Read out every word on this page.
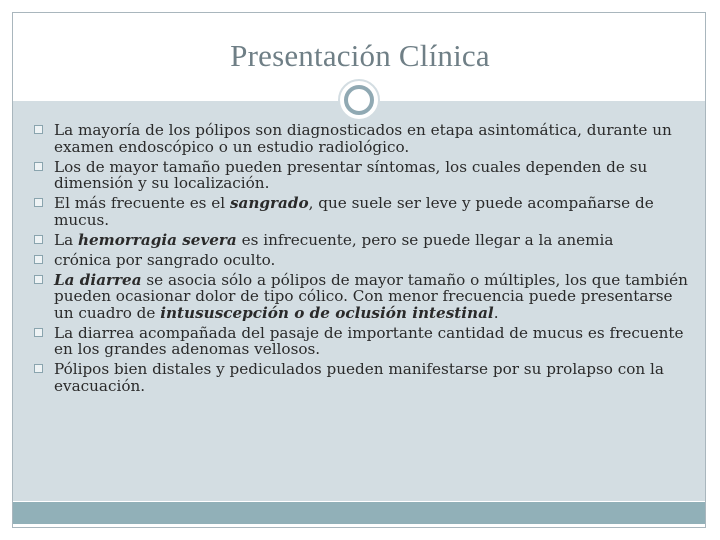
Presentación Clínica
La mayoría de los pólipos son diagnosticados en etapa asintomática, durante un examen endoscópico o un estudio radiológico.
Los de mayor tamaño pueden presentar síntomas, los cuales dependen de su dimensión y su localización.
El más frecuente es el sangrado, que suele ser leve y puede acompañarse de mucus.
La hemorragia severa es infrecuente, pero se puede llegar a la anemia
crónica por sangrado oculto.
La diarrea se asocia sólo a pólipos de mayor tamaño o múltiples, los que también pueden ocasionar dolor de tipo cólico. Con menor frecuencia puede presentarse un cuadro de intususcepción o de oclusión intestinal.
La diarrea acompañada del pasaje de importante cantidad de mucus es frecuente en los grandes adenomas vellosos.
Pólipos bien distales y pediculados pueden manifestarse por su prolapso con la evacuación.
